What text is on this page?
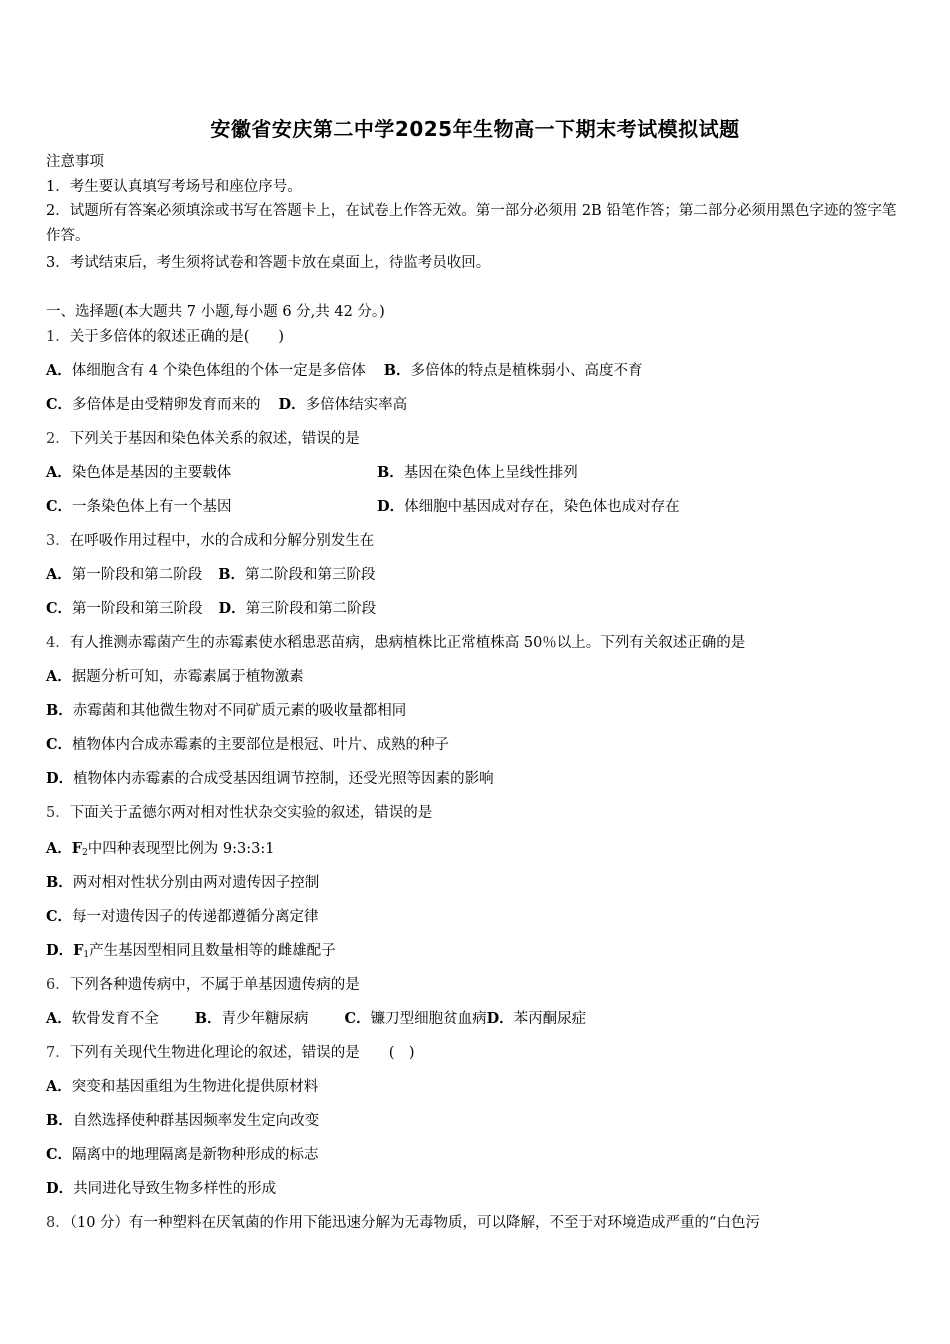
安徽省安庆第二中学2025年生物高一下期末考试模拟试题
注意事项
1．考生要认真填写考场号和座位序号。
2．试题所有答案必须填涂或书写在答题卡上，在试卷上作答无效。第一部分必须用 2B 铅笔作答；第二部分必须用黑色字迹的签字笔作答。
3．考试结束后，考生须将试卷和答题卡放在桌面上，待监考员收回。
一、选择题(本大题共 7 小题,每小题 6 分,共 42 分。)
1．关于多倍体的叙述正确的是(　　)
A．体细胞含有 4 个染色体组的个体一定是多倍体 B．多倍体的特点是植株弱小、高度不育
C．多倍体是由受精卵发育而来的 D．多倍体结实率高
2．下列关于基因和染色体关系的叙述，错误的是
A．染色体是基因的主要载体	B．基因在染色体上呈线性排列
C．一条染色体上有一个基因	D．体细胞中基因成对存在，染色体也成对存在
3．在呼吸作用过程中，水的合成和分解分别发生在
A．第一阶段和第二阶段 B．第二阶段和第三阶段
C．第一阶段和第三阶段 D．第三阶段和第二阶段
4．有人推测赤霉菌产生的赤霉素使水稻患恶苗病，患病植株比正常植株高 50％以上。下列有关叙述正确的是
A．据题分析可知，赤霉素属于植物激素
B．赤霉菌和其他微生物对不同矿质元素的吸收量都相同
C．植物体内合成赤霉素的主要部位是根冠、叶片、成熟的种子
D．植物体内赤霉素的合成受基因组调节控制，还受光照等因素的影响
5．下面关于孟德尔两对相对性状杂交实验的叙述，错误的是
A．$F_2$中四种表现型比例为 9:3:3:1
B．两对相对性状分别由两对遗传因子控制
C．每一对遗传因子的传递都遵循分离定律
D．$F_1$产生基因型相同且数量相等的雌雄配子
6．下列各种遗传病中，不属于单基因遗传病的是
A．软骨发育不全 B．青少年糖尿病 C．镰刀型细胞贫血病D．苯丙酮尿症
7．下列有关现代生物进化理论的叙述，错误的是　　(　)
A．突变和基因重组为生物进化提供原材料
B．自然选择使种群基因频率发生定向改变
C．隔离中的地理隔离是新物种形成的标志
D．共同进化导致生物多样性的形成
8．（10 分）有一种塑料在厌氧菌的作用下能迅速分解为无毒物质，可以降解，不至于对环境造成严重的“白色污
